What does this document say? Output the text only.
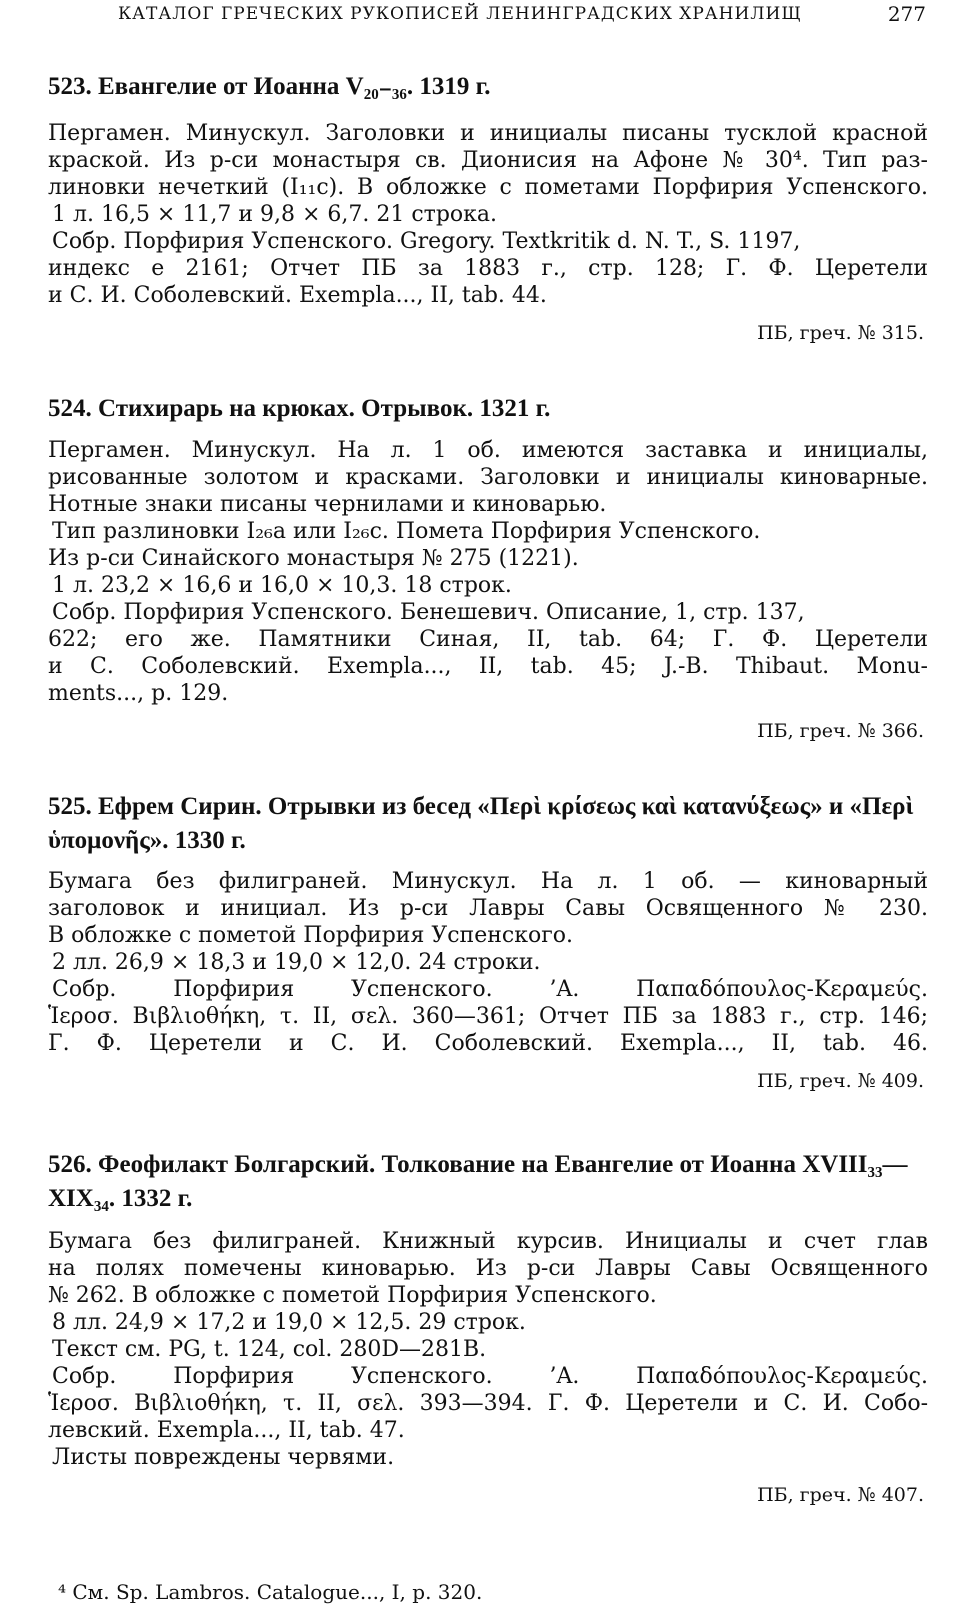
КАТАЛОГ ГРЕЧЕСКИХ РУКОПИСЕЙ ЛЕНИНГРАДСКИХ ХРАНИЛИЩ	277
523. Евангелие от Иоанна V₂₀₋₃₆. 1319 г.
Пергамен. Минускул. Заголовки и инициалы писаны тусклой красной
краской. Из р-си монастыря св. Дионисия на Афоне № 30⁴. Тип раз-
линовки нечеткий (I₁₁c). В обложке с пометами Порфирия Успенского.
1 л. 16,5 × 11,7 и 9,8 × 6,7. 21 строка.
Собр. Порфирия Успенского. Gregory. Textkritik d. N. T., S. 1197,
индекс е 2161; Отчет ПБ за 1883 г., стр. 128; Г. Ф. Церетели
и С. И. Соболевский. Exempla..., II, tab. 44.
ПБ, греч. № 315.
524. Стихирарь на крюках. Отрывок. 1321 г.
Пергамен. Минускул. На л. 1 об. имеются заставка и инициалы,
рисованные золотом и красками. Заголовки и инициалы киноварные.
Нотные знаки писаны чернилами и киноварью.
Тип разлиновки I₂₆a или I₂₆c. Помета Порфирия Успенского.
Из р-си Синайского монастыря № 275 (1221).
1 л. 23,2 × 16,6 и 16,0 × 10,3. 18 строк.
Собр. Порфирия Успенского. Бенешевич. Описание, 1, стр. 137,
622; его же. Памятники Синая, II, tab. 64; Г. Ф. Церетели
и С. Соболевский. Exempla..., II, tab. 45; J.-B. Thibaut. Monu-
ments..., p. 129.
ПБ, греч. № 366.
525. Ефрем Сирин. Отрывки из бесед «Περὶ κρίσεως καὶ κατανύξεως» и «Περὶ ὑπομονῆς». 1330 г.
Бумага без филиграней. Минускул. На л. 1 об. — киноварный
заголовок и инициал. Из р-си Лавры Савы Освященного № 230.
В обложке с пометой Порфирия Успенского.
2 лл. 26,9 × 18,3 и 19,0 × 12,0. 24 строки.
Собр. Порфирия Успенского. ’Α. Παπαδόπουλος-Κεραμεύς.
Ἱεροσ. Βιβλιοθήκη, τ. II, σελ. 360—361; Отчет ПБ за 1883 г., стр. 146;
Г. Ф. Церетели и С. И. Соболевский. Exempla..., II, tab. 46.
ПБ, греч. № 409.
526. Феофилакт Болгарский. Толкование на Евангелие от Иоанна XVIII₃₃—XIX₃₄. 1332 г.
Бумага без филиграней. Книжный курсив. Инициалы и счет глав
на полях помечены киноварью. Из р-си Лавры Савы Освященного
№ 262. В обложке с пометой Порфирия Успенского.
8 лл. 24,9 × 17,2 и 19,0 × 12,5. 29 строк.
Текст см. PG, t. 124, col. 280D—281B.
Собр. Порфирия Успенского. ’Α. Παπαδόπουλος-Κεραμεύς.
Ἱεροσ. Βιβλιοθήκη, τ. II, σελ. 393—394. Г. Ф. Церетели и С. И. Собо-
левский. Exempla..., II, tab. 47.
Листы повреждены червями.
ПБ, греч. № 407.
⁴ См. Sp. Lambros. Catalogue..., I, p. 320.
